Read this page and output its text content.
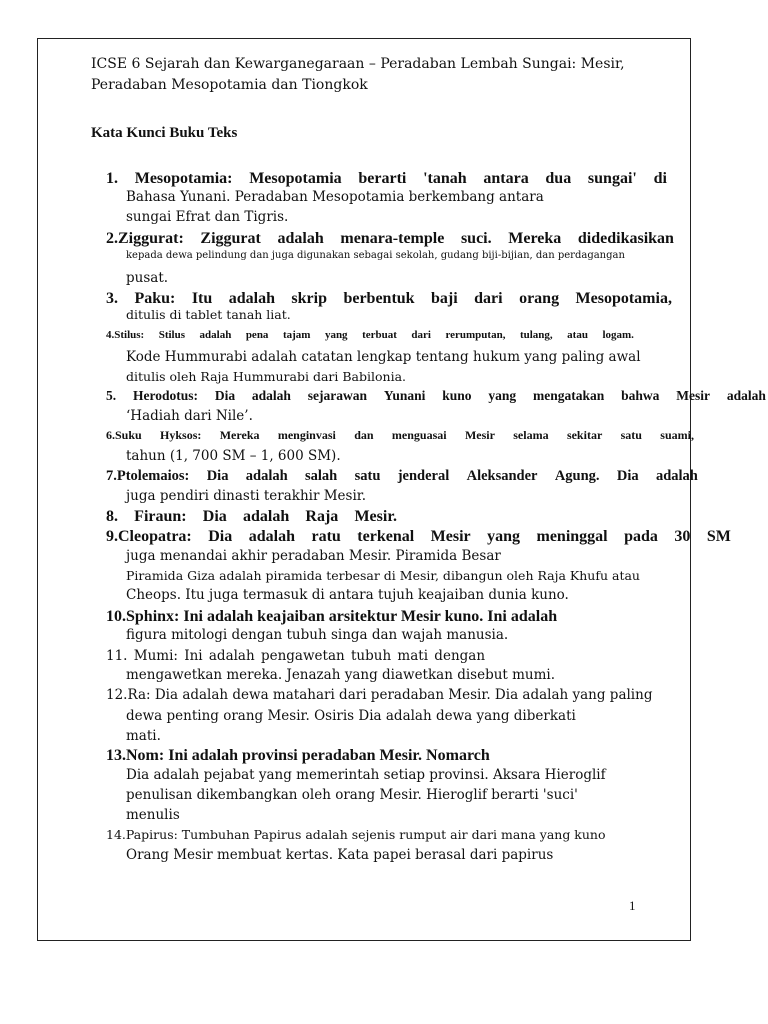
ICSE 6 Sejarah dan Kewarganegaraan – Peradaban Lembah Sungai: Mesir,
Peradaban Mesopotamia dan Tiongkok
Kata Kunci Buku Teks
1. Mesopotamia: Mesopotamia berarti 'tanah antara dua sungai' di
Bahasa Yunani. Peradaban Mesopotamia berkembang antara
sungai Efrat dan Tigris.
2.Ziggurat: Ziggurat adalah menara-temple suci. Mereka didedikasikan
kepada dewa pelindung dan juga digunakan sebagai sekolah, gudang biji-bijian, dan perdagangan
pusat.
3. Paku: Itu adalah skrip berbentuk baji dari orang Mesopotamia,
ditulis di tablet tanah liat.
4.Stilus: Stilus adalah pena tajam yang terbuat dari rerumputan, tulang, atau logam.
Kode Hummurabi adalah catatan lengkap tentang hukum yang paling awal
ditulis oleh Raja Hummurabi dari Babilonia.
5. Herodotus: Dia adalah sejarawan Yunani kuno yang mengatakan bahwa Mesir adalah
‘Hadiah dari Nile’.
6.Suku Hyksos: Mereka menginvasi dan menguasai Mesir selama sekitar satu suami,
tahun (1, 700 SM – 1, 600 SM).
7.Ptolemaios: Dia adalah salah satu jenderal Aleksander Agung. Dia adalah
juga pendiri dinasti terakhir Mesir.
8. Firaun: Dia adalah Raja Mesir.
9.Cleopatra: Dia adalah ratu terkenal Mesir yang meninggal pada 30 SM
juga menandai akhir peradaban Mesir. Piramida Besar
Piramida Giza adalah piramida terbesar di Mesir, dibangun oleh Raja Khufu atau
Cheops. Itu juga termasuk di antara tujuh keajaiban dunia kuno.
10.Sphinx: Ini adalah keajaiban arsitektur Mesir kuno. Ini adalah
figura mitologi dengan tubuh singa dan wajah manusia.
11. Mumi: Ini adalah pengawetan tubuh mati dengan
mengawetkan mereka. Jenazah yang diawetkan disebut mumi.
12.Ra: Dia adalah dewa matahari dari peradaban Mesir. Dia adalah yang paling
dewa penting orang Mesir. Osiris Dia adalah dewa yang diberkati
mati.
13.Nom: Ini adalah provinsi peradaban Mesir. Nomarch
Dia adalah pejabat yang memerintah setiap provinsi. Aksara Hieroglif
penulisan dikembangkan oleh orang Mesir. Hieroglif berarti 'suci'
menulis
14.Papirus: Tumbuhan Papirus adalah sejenis rumput air dari mana yang kuno
Orang Mesir membuat kertas. Kata papei berasal dari papirus
1
